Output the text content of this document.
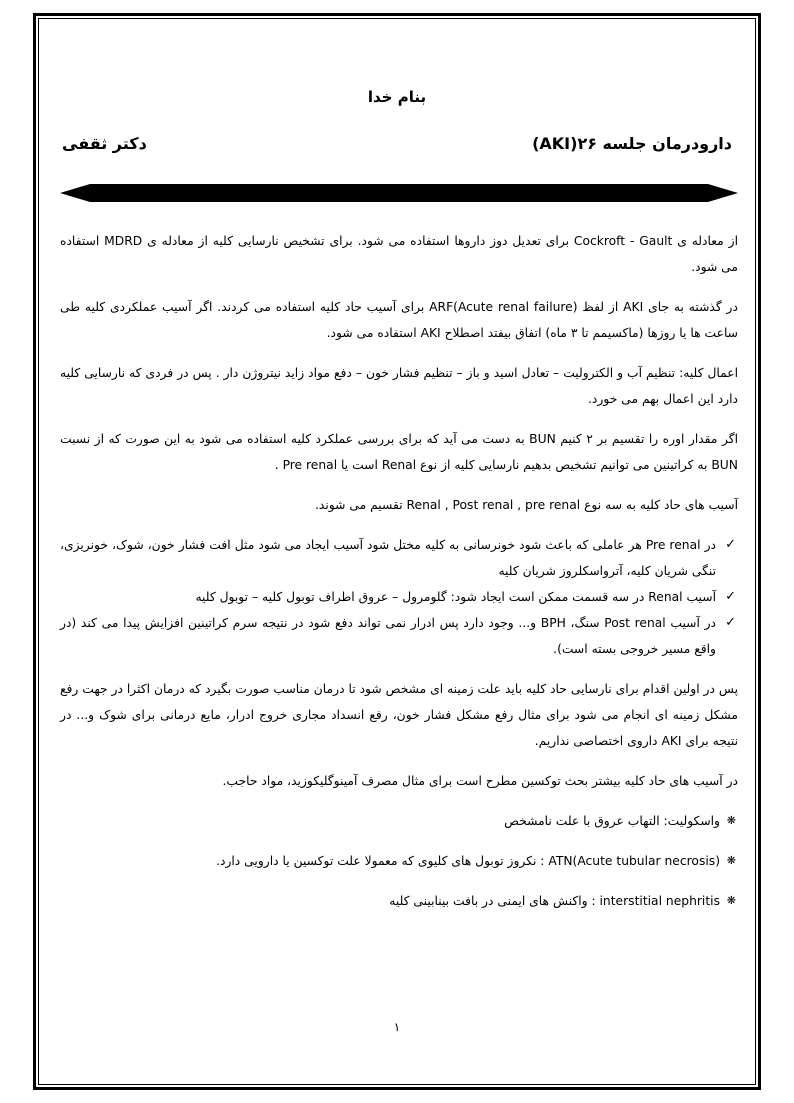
بنام خدا
دارودرمان جلسه ۲۶(AKI)
دکتر ثقفی

از معادله ی Cockroft - Gault برای تعدیل دوز داروها استفاده می شود. برای تشخیص نارسایی کلیه از معادله ی MDRD استفاده می شود.

در گذشته به جای AKI از لفظ (ARF(Acute renal failure برای آسیب حاد کلیه استفاده می کردند. اگر آسیب عملکردی کلیه طی ساعت ها یا روزها (ماکسیمم تا ۳ ماه) اتفاق بیفتد اصطلاح AKI استفاده می شود.

اعمال کلیه: تنظیم آب و الکترولیت – تعادل اسید و باز – تنظیم فشار خون – دفع مواد زاید نیتروژن دار . پس در فردی که نارسایی کلیه دارد این اعمال بهم می خورد.

اگر مقدار اوره را تقسیم بر ۲ کنیم BUN به دست می آید که برای بررسی عملکرد کلیه استفاده می شود به این صورت که از نسبت BUN به کراتینین می توانیم تشخیص بدهیم نارسایی کلیه از نوع Renal است یا Pre renal .

آسیب های حاد کلیه به سه نوع Renal , Post renal , pre renal تقسیم می شوند.

✓
در Pre renal هر عاملی که باعث شود خونرسانی به کلیه مختل شود آسیب ایجاد می شود مثل افت فشار خون، شوک، خونریزی، تنگی شریان کلیه، آترواسکلروز شریان کلیه
✓
آسیب Renal در سه قسمت ممکن است ایجاد شود: گلومرول – عروق اطراف توبول کلیه – توبول کلیه
✓
در آسیب Post renal سنگ، BPH و... وجود دارد پس ادرار نمی تواند دفع شود در نتیجه سرم کراتینین افزایش پیدا می کند (در واقع مسیر خروجی بسته است).

پس در اولین اقدام برای نارسایی حاد کلیه باید علت زمینه ای مشخص شود تا درمان مناسب صورت بگیرد که درمان اکثرا در جهت رفع مشکل زمینه ای انجام می شود برای مثال رفع مشکل فشار خون، رفع انسداد مجاری خروج ادرار، مایع درمانی برای شوک و... در نتیجه برای AKI داروی اختصاصی نداریم.

در آسیب های حاد کلیه بیشتر بحث توکسین مطرح است برای مثال مصرف آمینوگلیکوزید، مواد حاجب.

❋
واسکولیت: التهاب عروق با علت نامشخص
❋
(ATN(Acute tubular necrosis : نکروز توبول های کلیوی که معمولا علت توکسین یا دارویی دارد.
❋
interstitial nephritis : واکنش های ایمنی در بافت بینابینی کلیه
۱
